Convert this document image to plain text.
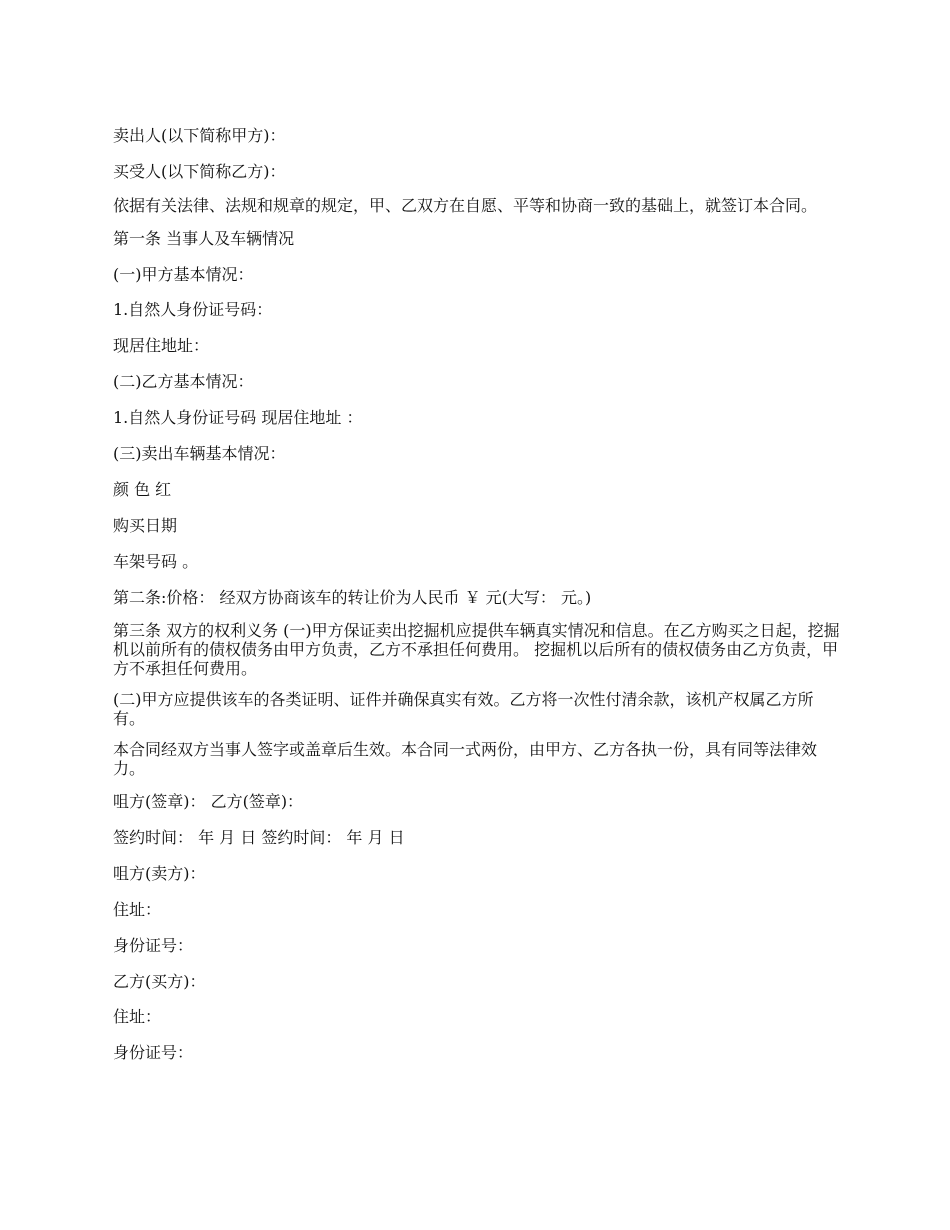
卖出人(以下简称甲方)：

买受人(以下简称乙方)：

依据有关法律、法规和规章的规定，甲、乙双方在自愿、平等和协商一致的基础上，就签订本合同。

第一条 当事人及车辆情况

(一)甲方基本情况：

1.自然人身份证号码：

现居住地址：

(二)乙方基本情况：

1.自然人身份证号码 现居住地址 ：

(三)卖出车辆基本情况：

颜 色 红

购买日期

车架号码 。

第二条:价格： 经双方协商该车的转让价为人民币 ￥ 元(大写： 元。)

第三条 双方的权利义务 (一)甲方保证卖出挖掘机应提供车辆真实情况和信息。在乙方购买之日起，挖掘机以前所有的债权债务由甲方负责，乙方不承担任何费用。 挖掘机以后所有的债权债务由乙方负责，甲方不承担任何费用。

(二)甲方应提供该车的各类证明、证件并确保真实有效。乙方将一次性付清余款，该机产权属乙方所有。

本合同经双方当事人签字或盖章后生效。本合同一式两份，由甲方、乙方各执一份，具有同等法律效力。

咀方(签章)： 乙方(签章)：

签约时间： 年 月 日 签约时间： 年 月 日

咀方(卖方)：

住址：

身份证号：

乙方(买方)：

住址：

身份证号：
